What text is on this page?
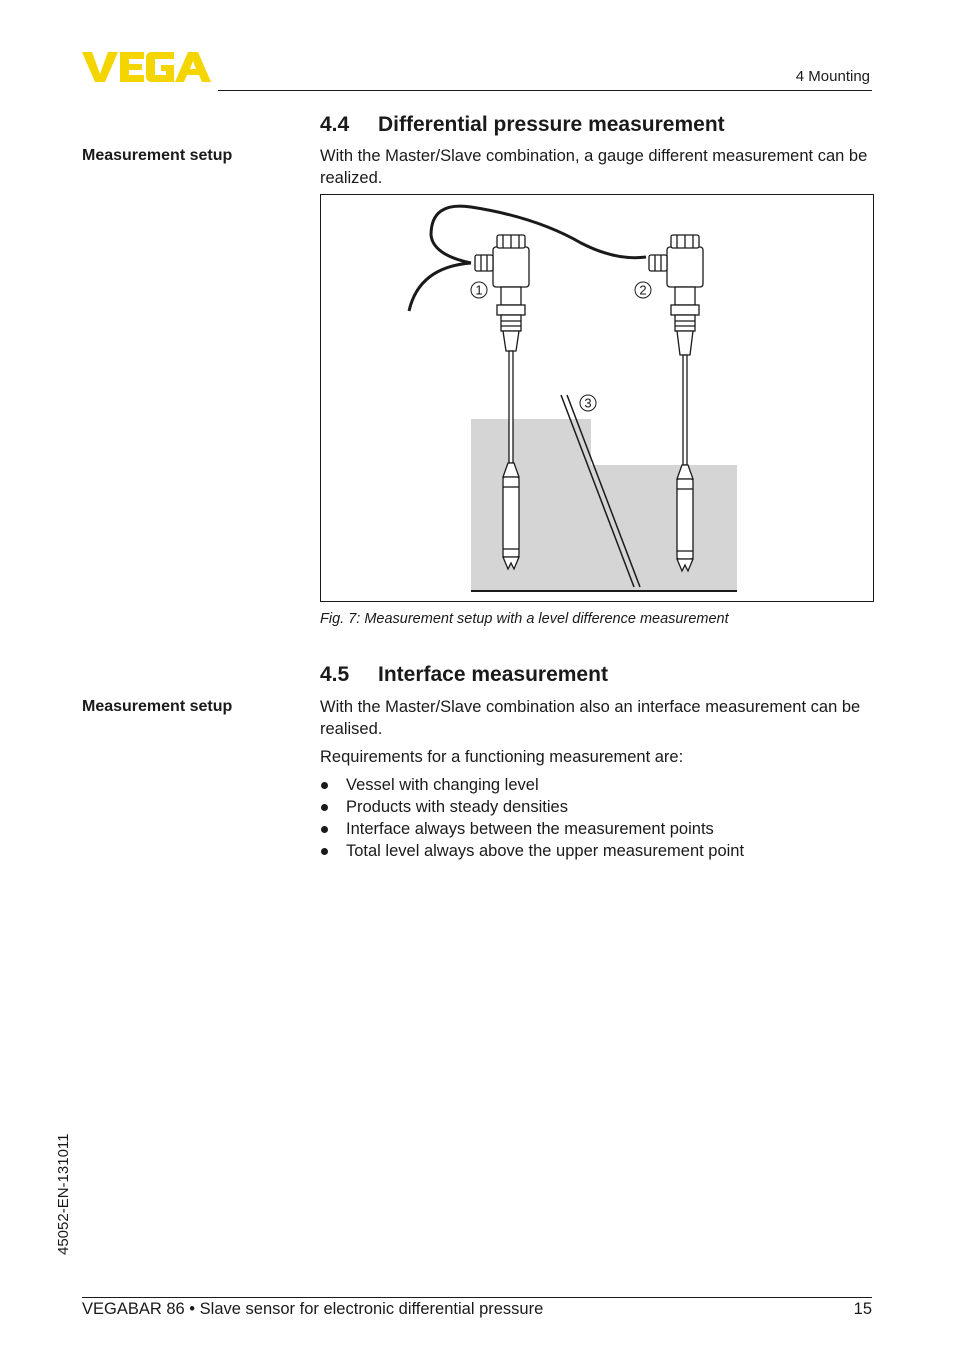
4 Mounting
4.4 Differential pressure measurement
Measurement setup	With the Master/Slave combination, a gauge different measurement can be realized.

1	2
3
Fig. 7: Measurement setup with a level difference measurement
4.5 Interface measurement
Measurement setup	With the Master/Slave combination also an interface measurement can be realised.

Requirements for a functioning measurement are:

Vessel with changing level
Products with steady densities
Interface always between the measurement points
Total level always above the upper measurement point
45052-EN-131011
VEGABAR 86 • Slave sensor for electronic differential pressure	15
